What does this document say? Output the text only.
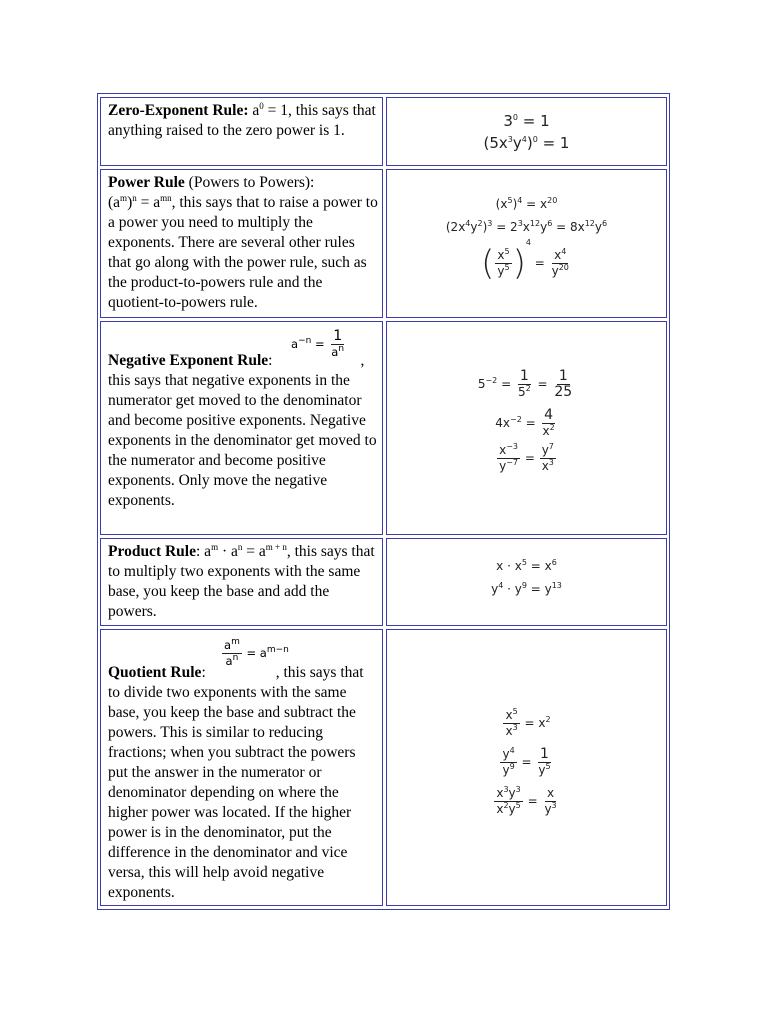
Zero-Exponent Rule: $a^0 = 1$, this says that anything raised to the zero power is 1.
$3^0 = 1$
$(5x^3y^4)^0 = 1$
Power Rule (Powers to Powers):
$(a^m)^n = a^{mn}$, this says that to raise a power to a power you need to multiply the exponents. There are several other rules that go along with the power rule, such as the product-to-powers rule and the quotient-to-powers rule.
$(x^5)^4 = x^{20}$
$(2x^4y^2)^3 = 2^3x^{12}y^6 = 8x^{12}y^6$
( $\frac{x^5}{y^5} )^4 = \frac{x^4}{y^{20}}$
$a^{-n} = \frac{1}{a^n}$
Negative Exponent Rule:	, this says that negative exponents in the numerator get moved to the denominator and become positive exponents. Negative exponents in the denominator get moved to the numerator and become positive exponents. Only move the negative exponents.
$5^{-2} = \frac{1}{5^2} = \frac{1}{25}$
$4x^{-2} = \frac{4}{x^2}$
$\frac{x^{-3}}{y^{-7}} = \frac{y^7}{x^3}$
Product Rule: $a^m \cdot a^n = a^{m + n}$, this says that to multiply two exponents with the same base, you keep the base and add the powers.
$x \cdot x^5 = x^6$
$y^4 \cdot y^9 = y^{13}$
$\frac{a^m}{a^n} = a^{m-n}$
Quotient Rule:	, this says that to divide two exponents with the same base, you keep the base and subtract the powers. This is similar to reducing fractions; when you subtract the powers put the answer in the numerator or denominator depending on where the higher power was located. If the higher power is in the denominator, put the difference in the denominator and vice versa, this will help avoid negative exponents.
$\frac{x^5}{x^3} = x^2$
$\frac{y^4}{y^9} = \frac{1}{y^5}$
$\frac{x^3y^3}{x^2y^5} = \frac{x}{y^3}$
